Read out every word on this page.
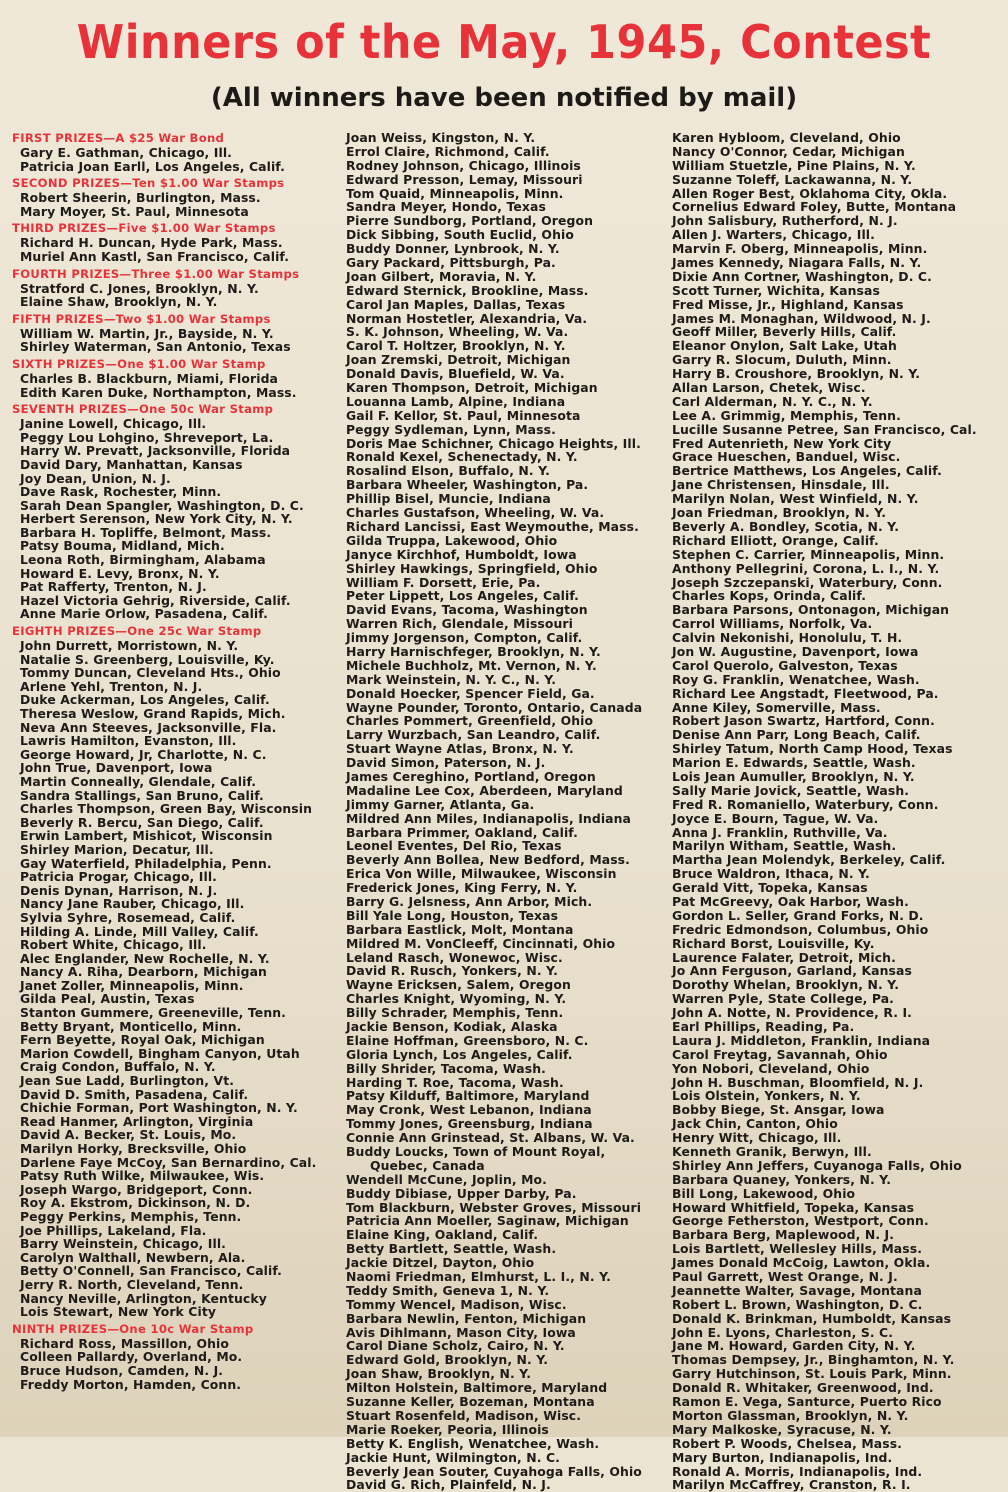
Winners of the May, 1945, Contest
(All winners have been notified by mail)
FIRST PRIZES—A $25 War Bond
Gary E. Gathman, Chicago, Ill.
Patricia Joan Earll, Los Angeles, Calif.
SECOND PRIZES—Ten $1.00 War Stamps
Robert Sheerin, Burlington, Mass.
Mary Moyer, St. Paul, Minnesota
THIRD PRIZES—Five $1.00 War Stamps
Richard H. Duncan, Hyde Park, Mass.
Muriel Ann Kastl, San Francisco, Calif.
FOURTH PRIZES—Three $1.00 War Stamps
Stratford C. Jones, Brooklyn, N. Y.
Elaine Shaw, Brooklyn, N. Y.
FIFTH PRIZES—Two $1.00 War Stamps
William W. Martin, Jr., Bayside, N. Y.
Shirley Waterman, San Antonio, Texas
SIXTH PRIZES—One $1.00 War Stamp
Charles B. Blackburn, Miami, Florida
Edith Karen Duke, Northampton, Mass.
SEVENTH PRIZES—One 50c War Stamp
Janine Lowell, Chicago, Ill.
Peggy Lou Lohgino, Shreveport, La.
Harry W. Prevatt, Jacksonville, Florida
David Dary, Manhattan, Kansas
Joy Dean, Union, N. J.
Dave Rask, Rochester, Minn.
Sarah Dean Spangler, Washington, D. C.
Herbert Serenson, New York City, N. Y.
Barbara H. Topliffe, Belmont, Mass.
Patsy Bouma, Midland, Mich.
Leona Roth, Birmingham, Alabama
Howard E. Levy, Bronx, N. Y.
Pat Rafferty, Trenton, N. J.
Hazel Victoria Gehrig, Riverside, Calif.
Anne Marie Orlow, Pasadena, Calif.
EIGHTH PRIZES—One 25c War Stamp
John Durrett, Morristown, N. Y.
Natalie S. Greenberg, Louisville, Ky.
Tommy Duncan, Cleveland Hts., Ohio
Arlene Yehl, Trenton, N. J.
Duke Ackerman, Los Angeles, Calif.
Theresa Weslow, Grand Rapids, Mich.
Neva Ann Steeves, Jacksonville, Fla.
Lawris Hamilton, Evanston, Ill.
George Howard, Jr, Charlotte, N. C.
John True, Davenport, Iowa
Martin Conneally, Glendale, Calif.
Sandra Stallings, San Bruno, Calif.
Charles Thompson, Green Bay, Wisconsin
Beverly R. Bercu, San Diego, Calif.
Erwin Lambert, Mishicot, Wisconsin
Shirley Marion, Decatur, Ill.
Gay Waterfield, Philadelphia, Penn.
Patricia Progar, Chicago, Ill.
Denis Dynan, Harrison, N. J.
Nancy Jane Rauber, Chicago, Ill.
Sylvia Syhre, Rosemead, Calif.
Hilding A. Linde, Mill Valley, Calif.
Robert White, Chicago, Ill.
Alec Englander, New Rochelle, N. Y.
Nancy A. Riha, Dearborn, Michigan
Janet Zoller, Minneapolis, Minn.
Gilda Peal, Austin, Texas
Stanton Gummere, Greeneville, Tenn.
Betty Bryant, Monticello, Minn.
Fern Beyette, Royal Oak, Michigan
Marion Cowdell, Bingham Canyon, Utah
Craig Condon, Buffalo, N. Y.
Jean Sue Ladd, Burlington, Vt.
David D. Smith, Pasadena, Calif.
Chichie Forman, Port Washington, N. Y.
Read Hanmer, Arlington, Virginia
David A. Becker, St. Louis, Mo.
Marilyn Horky, Brecksville, Ohio
Darlene Faye McCoy, San Bernardino, Cal.
Patsy Ruth Wilke, Milwaukee, Wis.
Joseph Wargo, Bridgeport, Conn.
Roy A. Ekstrom, Dickinson, N. D.
Peggy Perkins, Memphis, Tenn.
Joe Phillips, Lakeland, Fla.
Barry Weinstein, Chicago, Ill.
Carolyn Walthall, Newbern, Ala.
Betty O'Connell, San Francisco, Calif.
Jerry R. North, Cleveland, Tenn.
Nancy Neville, Arlington, Kentucky
Lois Stewart, New York City
NINTH PRIZES—One 10c War Stamp
Richard Ross, Massillon, Ohio
Colleen Pallardy, Overland, Mo.
Bruce Hudson, Camden, N. J.
Freddy Morton, Hamden, Conn.
Joan Weiss, Kingston, N. Y.
Errol Claire, Richmond, Calif.
Rodney Johnson, Chicago, Illinois
Edward Presson, Lemay, Missouri
Tom Quaid, Minneapolis, Minn.
Sandra Meyer, Hondo, Texas
Pierre Sundborg, Portland, Oregon
Dick Sibbing, South Euclid, Ohio
Buddy Donner, Lynbrook, N. Y.
Gary Packard, Pittsburgh, Pa.
Joan Gilbert, Moravia, N. Y.
Edward Sternick, Brookline, Mass.
Carol Jan Maples, Dallas, Texas
Norman Hostetler, Alexandria, Va.
S. K. Johnson, Wheeling, W. Va.
Carol T. Holtzer, Brooklyn, N. Y.
Joan Zremski, Detroit, Michigan
Donald Davis, Bluefield, W. Va.
Karen Thompson, Detroit, Michigan
Louanna Lamb, Alpine, Indiana
Gail F. Kellor, St. Paul, Minnesota
Peggy Sydleman, Lynn, Mass.
Doris Mae Schichner, Chicago Heights, Ill.
Ronald Kexel, Schenectady, N. Y.
Rosalind Elson, Buffalo, N. Y.
Barbara Wheeler, Washington, Pa.
Phillip Bisel, Muncie, Indiana
Charles Gustafson, Wheeling, W. Va.
Richard Lancissi, East Weymouthe, Mass.
Gilda Truppa, Lakewood, Ohio
Janyce Kirchhof, Humboldt, Iowa
Shirley Hawkings, Springfield, Ohio
William F. Dorsett, Erie, Pa.
Peter Lippett, Los Angeles, Calif.
David Evans, Tacoma, Washington
Warren Rich, Glendale, Missouri
Jimmy Jorgenson, Compton, Calif.
Harry Harnischfeger, Brooklyn, N. Y.
Michele Buchholz, Mt. Vernon, N. Y.
Mark Weinstein, N. Y. C., N. Y.
Donald Hoecker, Spencer Field, Ga.
Wayne Pounder, Toronto, Ontario, Canada
Charles Pommert, Greenfield, Ohio
Larry Wurzbach, San Leandro, Calif.
Stuart Wayne Atlas, Bronx, N. Y.
David Simon, Paterson, N. J.
James Cereghino, Portland, Oregon
Madaline Lee Cox, Aberdeen, Maryland
Jimmy Garner, Atlanta, Ga.
Mildred Ann Miles, Indianapolis, Indiana
Barbara Primmer, Oakland, Calif.
Leonel Eventes, Del Rio, Texas
Beverly Ann Bollea, New Bedford, Mass.
Erica Von Wille, Milwaukee, Wisconsin
Frederick Jones, King Ferry, N. Y.
Barry G. Jelsness, Ann Arbor, Mich.
Bill Yale Long, Houston, Texas
Barbara Eastlick, Molt, Montana
Mildred M. VonCleeff, Cincinnati, Ohio
Leland Rasch, Wonewoc, Wisc.
David R. Rusch, Yonkers, N. Y.
Wayne Ericksen, Salem, Oregon
Charles Knight, Wyoming, N. Y.
Billy Schrader, Memphis, Tenn.
Jackie Benson, Kodiak, Alaska
Elaine Hoffman, Greensboro, N. C.
Gloria Lynch, Los Angeles, Calif.
Billy Shrider, Tacoma, Wash.
Harding T. Roe, Tacoma, Wash.
Patsy Kilduff, Baltimore, Maryland
May Cronk, West Lebanon, Indiana
Tommy Jones, Greensburg, Indiana
Connie Ann Grinstead, St. Albans, W. Va.
Buddy Loucks, Town of Mount Royal,
Quebec, Canada
Wendell McCune, Joplin, Mo.
Buddy Dibiase, Upper Darby, Pa.
Tom Blackburn, Webster Groves, Missouri
Patricia Ann Moeller, Saginaw, Michigan
Elaine King, Oakland, Calif.
Betty Bartlett, Seattle, Wash.
Jackie Ditzel, Dayton, Ohio
Naomi Friedman, Elmhurst, L. I., N. Y.
Teddy Smith, Geneva 1, N. Y.
Tommy Wencel, Madison, Wisc.
Barbara Newlin, Fenton, Michigan
Avis Dihlmann, Mason City, Iowa
Carol Diane Scholz, Cairo, N. Y.
Edward Gold, Brooklyn, N. Y.
Joan Shaw, Brooklyn, N. Y.
Milton Holstein, Baltimore, Maryland
Suzanne Keller, Bozeman, Montana
Stuart Rosenfeld, Madison, Wisc.
Marie Roeker, Peoria, Illinois
Betty K. English, Wenatchee, Wash.
Jackie Hunt, Wilmington, N. C.
Beverly Jean Souter, Cuyahoga Falls, Ohio
David G. Rich, Plainfeld, N. J.
Karen Hybloom, Cleveland, Ohio
Nancy O'Connor, Cedar, Michigan
William Stuetzle, Pine Plains, N. Y.
Suzanne Toleff, Lackawanna, N. Y.
Allen Roger Best, Oklahoma City, Okla.
Cornelius Edward Foley, Butte, Montana
John Salisbury, Rutherford, N. J.
Allen J. Warters, Chicago, Ill.
Marvin F. Oberg, Minneapolis, Minn.
James Kennedy, Niagara Falls, N. Y.
Dixie Ann Cortner, Washington, D. C.
Scott Turner, Wichita, Kansas
Fred Misse, Jr., Highland, Kansas
James M. Monaghan, Wildwood, N. J.
Geoff Miller, Beverly Hills, Calif.
Eleanor Onylon, Salt Lake, Utah
Garry R. Slocum, Duluth, Minn.
Harry B. Croushore, Brooklyn, N. Y.
Allan Larson, Chetek, Wisc.
Carl Alderman, N. Y. C., N. Y.
Lee A. Grimmig, Memphis, Tenn.
Lucille Susanne Petree, San Francisco, Cal.
Fred Autenrieth, New York City
Grace Hueschen, Banduel, Wisc.
Bertrice Matthews, Los Angeles, Calif.
Jane Christensen, Hinsdale, Ill.
Marilyn Nolan, West Winfield, N. Y.
Joan Friedman, Brooklyn, N. Y.
Beverly A. Bondley, Scotia, N. Y.
Richard Elliott, Orange, Calif.
Stephen C. Carrier, Minneapolis, Minn.
Anthony Pellegrini, Corona, L. I., N. Y.
Joseph Szczepanski, Waterbury, Conn.
Charles Kops, Orinda, Calif.
Barbara Parsons, Ontonagon, Michigan
Carrol Williams, Norfolk, Va.
Calvin Nekonishi, Honolulu, T. H.
Jon W. Augustine, Davenport, Iowa
Carol Querolo, Galveston, Texas
Roy G. Franklin, Wenatchee, Wash.
Richard Lee Angstadt, Fleetwood, Pa.
Anne Kiley, Somerville, Mass.
Robert Jason Swartz, Hartford, Conn.
Denise Ann Parr, Long Beach, Calif.
Shirley Tatum, North Camp Hood, Texas
Marion E. Edwards, Seattle, Wash.
Lois Jean Aumuller, Brooklyn, N. Y.
Sally Marie Jovick, Seattle, Wash.
Fred R. Romaniello, Waterbury, Conn.
Joyce E. Bourn, Tague, W. Va.
Anna J. Franklin, Ruthville, Va.
Marilyn Witham, Seattle, Wash.
Martha Jean Molendyk, Berkeley, Calif.
Bruce Waldron, Ithaca, N. Y.
Gerald Vitt, Topeka, Kansas
Pat McGreevy, Oak Harbor, Wash.
Gordon L. Seller, Grand Forks, N. D.
Fredric Edmondson, Columbus, Ohio
Richard Borst, Louisville, Ky.
Laurence Falater, Detroit, Mich.
Jo Ann Ferguson, Garland, Kansas
Dorothy Whelan, Brooklyn, N. Y.
Warren Pyle, State College, Pa.
John A. Notte, N. Providence, R. I.
Earl Phillips, Reading, Pa.
Laura J. Middleton, Franklin, Indiana
Carol Freytag, Savannah, Ohio
Yon Nobori, Cleveland, Ohio
John H. Buschman, Bloomfield, N. J.
Lois Olstein, Yonkers, N. Y.
Bobby Biege, St. Ansgar, Iowa
Jack Chin, Canton, Ohio
Henry Witt, Chicago, Ill.
Kenneth Granik, Berwyn, Ill.
Shirley Ann Jeffers, Cuyanoga Falls, Ohio
Barbara Quaney, Yonkers, N. Y.
Bill Long, Lakewood, Ohio
Howard Whitfield, Topeka, Kansas
George Fetherston, Westport, Conn.
Barbara Berg, Maplewood, N. J.
Lois Bartlett, Wellesley Hills, Mass.
James Donald McCoig, Lawton, Okla.
Paul Garrett, West Orange, N. J.
Jeannette Walter, Savage, Montana
Robert L. Brown, Washington, D. C.
Donald K. Brinkman, Humboldt, Kansas
John E. Lyons, Charleston, S. C.
Jane M. Howard, Garden City, N. Y.
Thomas Dempsey, Jr., Binghamton, N. Y.
Garry Hutchinson, St. Louis Park, Minn.
Donald R. Whitaker, Greenwood, Ind.
Ramon E. Vega, Santurce, Puerto Rico
Morton Glassman, Brooklyn, N. Y.
Mary Malkoske, Syracuse, N. Y.
Robert P. Woods, Chelsea, Mass.
Mary Burton, Indianapolis, Ind.
Ronald A. Morris, Indianapolis, Ind.
Marilyn McCaffrey, Cranston, R. I.
